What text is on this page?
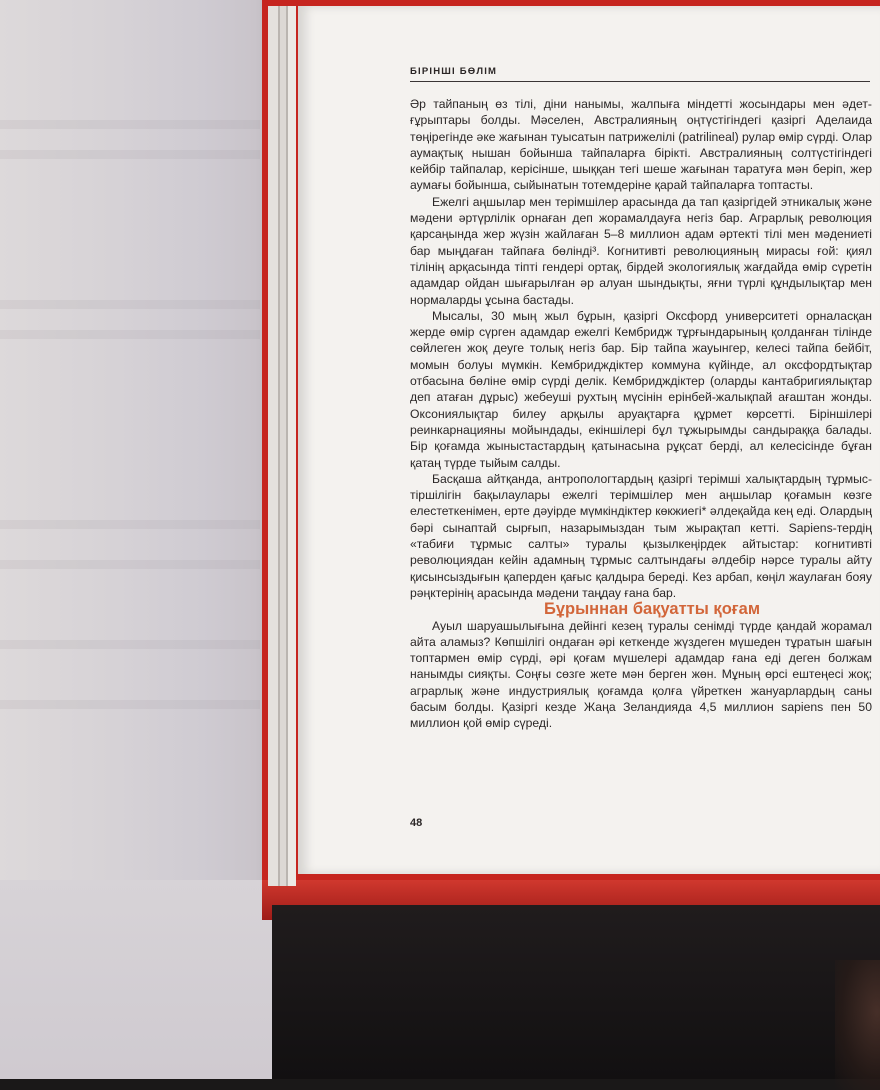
БІРІНШІ БӨЛІМ

Әр тайпаның өз тілі, діни нанымы, жалпыға міндетті жосындары мен әдет-ғұрыптары болды. Мәселен, Австралияның оңтүстігіндегі қазіргі Аделаида төңірегінде әке жағынан туысатын патрижелілі (patrilineal) рулар өмір сүрді. Олар аумақтық нышан бойынша тайпаларға бірікті. Австралияның солтүстігіндегі кейбір тайпалар, керісінше, шыққан тегі шеше жағынан таратуға мән беріп, жер аумағы бойынша, сыйынатын тотемдеріне қарай тайпаларға топтасты.

Ежелгі аңшылар мен терімшілер арасында да тап қазіргідей этникалық және мәдени әртүрлілік орнаған деп жорамалдауға негіз бар. Аграрлық революция қарсаңында жер жүзін жайлаған 5–8 миллион адам әртекті тілі мен мәдениеті бар мыңдаған тайпаға бөлінді³. Когнитивті революцияның мирасы ғой: қиял тілінің арқасында тіпті гендері ортақ, бірдей экологиялық жағдайда өмір сүретін адамдар ойдан шығарылған әр алуан шындықты, яғни түрлі құндылықтар мен нормаларды ұсына бастады.

Мысалы, 30 мың жыл бұрын, қазіргі Оксфорд университеті орналасқан жерде өмір сүрген адамдар ежелгі Кембридж тұрғындарының қолданған тілінде сөйлеген жоқ деуге толық негіз бар. Бір тайпа жауынгер, келесі тайпа бейбіт, момын болуы мүмкін. Кембридждіктер коммуна күйінде, ал оксфордтықтар отбасына бөліне өмір сүрді делік. Кембридждіктер (оларды кантабригиялықтар деп атаған дұрыс) жебеуші рухтың мүсінін ерінбей-жалықпай ағаштан жонды. Оксониялықтар билеу арқылы аруақтарға құрмет көрсетті. Біріншілері реинкарнацияны мойындады, екіншілері бұл тұжырымды сандыраққа балады. Бір қоғамда жыныстастардың қатынасына рұқсат берді, ал келесісінде бұған қатаң түрде тыйым салды.

Басқаша айтқанда, антропологтардың қазіргі терімші халықтардың тұрмыс-тіршілігін бақылаулары ежелгі терімшілер мен аңшылар қоғамын көзге елестеткенімен, ерте дәуірде мүмкіндіктер көкжиегі* әлдеқайда кең еді. Олардың бәрі сынаптай сырғып, назарымыздан тым жырақтап кетті. Sapiens-тердің «табиғи тұрмыс салты» туралы қызылкеңірдек айтыстар: когнитивті революциядан кейін адамның тұрмыс салтындағы әлдебір нәрсе туралы айту қисынсыздығын қаперден қағыс қалдыра береді. Кез арбап, көңіл жаулаған бояу рәңктерінің арасында мәдени таңдау ғана бар.

Бұрыннан бақуатты қоғам

Ауыл шаруашылығына дейінгі кезең туралы сенімді түрде қандай жорамал айта аламыз? Көпшілігі ондаған әрі кеткенде жүздеген мүшеден тұратын шағын топтармен өмір сүрді, әрі қоғам мүшелері адамдар ғана еді деген болжам нанымды сияқты. Соңғы сөзге жете мән берген жөн. Мұның өрсі ештеңесі жоқ; аграрлық және индустриялық қоғамда қолға үйреткен жануарлардың саны басым болды. Қазіргі кезде Жаңа Зеландияда 4,5 миллион sapiens пен 50 миллион қой өмір сүреді.

48
